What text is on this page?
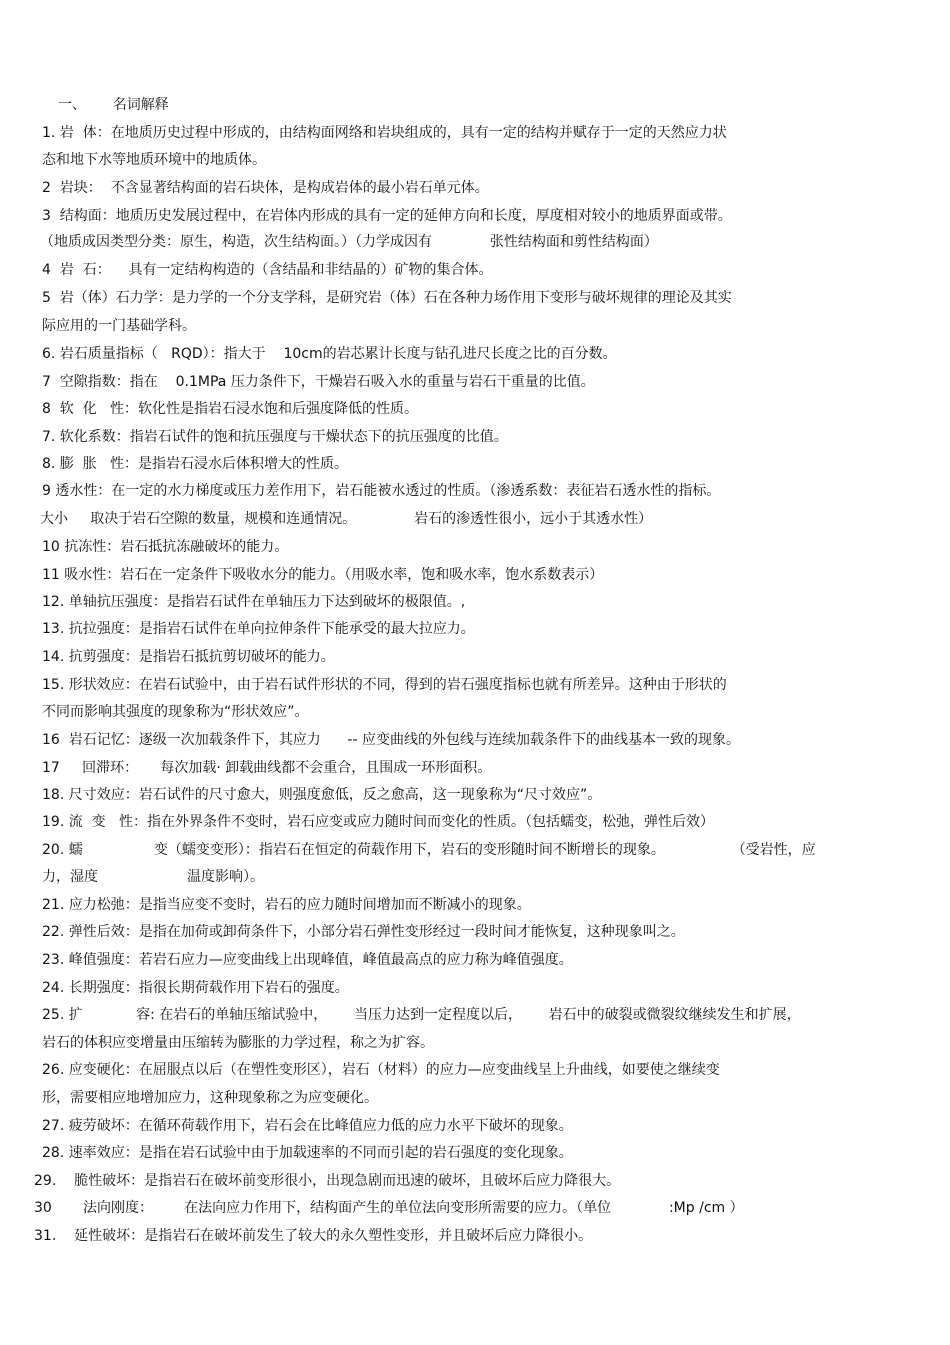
一、      名词解释
1. 岩  体：在地质历史过程中形成的，由结构面网络和岩块组成的，具有一定的结构并赋存于一定的天然应力状
态和地下水等地质环境中的地质体。
2  岩块：  不含显著结构面的岩石块体，是构成岩体的最小岩石单元体。
3  结构面：地质历史发展过程中，在岩体内形成的具有一定的延伸方向和长度，厚度相对较小的地质界面或带。
（地质成因类型分类：原生，构造，次生结构面。）（力学成因有             张性结构面和剪性结构面）
4  岩  石：    具有一定结构构造的（含结晶和非结晶的）矿物的集合体。
5  岩（体）石力学：是力学的一个分支学科，是研究岩（体）石在各种力场作用下变形与破坏规律的理论及其实
际应用的一门基础学科。
6. 岩石质量指标（   RQD）：指大于    10cm的岩芯累计长度与钻孔进尺长度之比的百分数。
7  空隙指数：指在    0.1MPa 压力条件下，干燥岩石吸入水的重量与岩石干重量的比值。
8  软  化   性：软化性是指岩石浸水饱和后强度降低的性质。
7. 软化系数：指岩石试件的饱和抗压强度与干燥状态下的抗压强度的比值。
8. 膨  胀   性：是指岩石浸水后体积增大的性质。
9 透水性：在一定的水力梯度或压力差作用下，岩石能被水透过的性质。（渗透系数：表征岩石透水性的指标。
大小     取决于岩石空隙的数量，规模和连通情况。             岩石的渗透性很小，远小于其透水性）
10 抗冻性：岩石抵抗冻融破坏的能力。
11 吸水性：岩石在一定条件下吸收水分的能力。（用吸水率，饱和吸水率，饱水系数表示）
12. 单轴抗压强度：是指岩石试件在单轴压力下达到破坏的极限值。,
13. 抗拉强度：是指岩石试件在单向拉伸条件下能承受的最大拉应力。
14. 抗剪强度：是指岩石抵抗剪切破坏的能力。
15. 形状效应：在岩石试验中，由于岩石试件形状的不同，得到的岩石强度指标也就有所差异。这种由于形状的
不同而影响其强度的现象称为“形状效应”。
16  岩石记忆：逐级一次加载条件下，其应力      -- 应变曲线的外包线与连续加载条件下的曲线基本一致的现象。
17     回滞环：     每次加载· 卸载曲线都不会重合，且围成一环形面积。
18. 尺寸效应：岩石试件的尺寸愈大，则强度愈低，反之愈高，这一现象称为“尺寸效应”。
19. 流  变   性：指在外界条件不变时，岩石应变或应力随时间而变化的性质。（包括蠕变，松弛，弹性后效）
20. 蠕                变（蠕变变形）：指岩石在恒定的荷载作用下，岩石的变形随时间不断增长的现象。               （受岩性，应
力，湿度                    温度影响）。
21. 应力松弛：是指当应变不变时，岩石的应力随时间增加而不断减小的现象。
22. 弹性后效：是指在加荷或卸荷条件下，小部分岩石弹性变形经过一段时间才能恢复，这种现象叫之。
23. 峰值强度：若岩石应力—应变曲线上出现峰值，峰值最高点的应力称为峰值强度。
24. 长期强度：指很长期荷载作用下岩石的强度。
25. 扩            容: 在岩石的单轴压缩试验中，      当压力达到一定程度以后，      岩石中的破裂或微裂纹继续发生和扩展，
岩石的体积应变增量由压缩转为膨胀的力学过程，称之为扩容。
26. 应变硬化：在屈服点以后（在塑性变形区），岩石（材料）的应力—应变曲线呈上升曲线，如要使之继续变
形，需要相应地增加应力，这种现象称之为应变硬化。
27. 疲劳破坏：在循环荷载作用下，岩石会在比峰值应力低的应力水平下破坏的现象。
28. 速率效应：是指在岩石试验中由于加载速率的不同而引起的岩石强度的变化现象。
29.    脆性破坏：是指岩石在破坏前变形很小，出现急剧而迅速的破坏，且破坏后应力降很大。
30       法向刚度：       在法向应力作用下，结构面产生的单位法向变形所需要的应力。（单位             :Mp /cm ）
31.    延性破坏：是指岩石在破坏前发生了较大的永久塑性变形，并且破坏后应力降很小。
